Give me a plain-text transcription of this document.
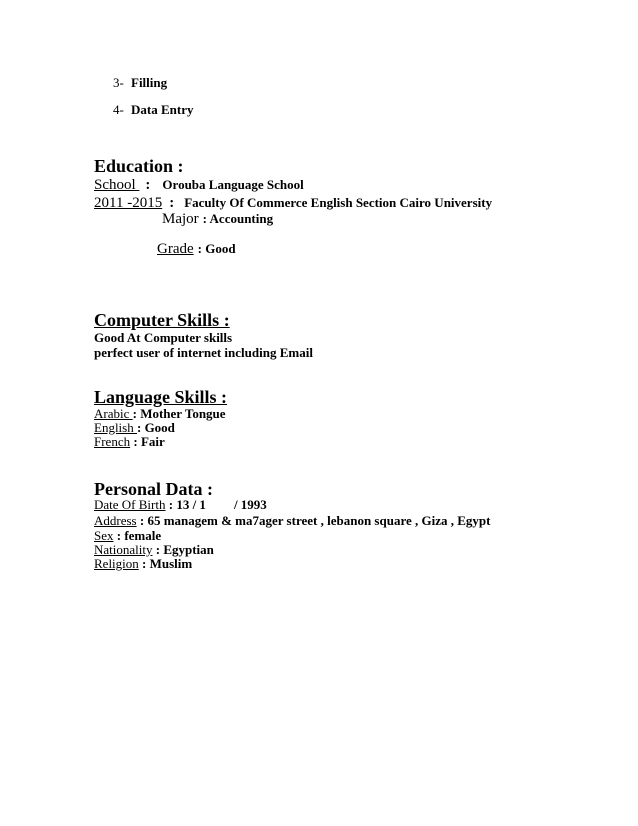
3- Filling
4- Data Entry
Education :
School : Orouba Language School
2011 -2015 : Faculty Of Commerce English Section Cairo University
Major : Accounting
Grade : Good
Computer Skills :
Good At Computer skills
perfect user of internet including Email
Language Skills :
Arabic : Mother Tongue
English : Good
French : Fair
Personal Data :
Date Of Birth : 13 / 1 / 1993
Address : 65 managem & ma7ager street , lebanon square , Giza , Egypt
Sex : female
Nationality : Egyptian
Religion : Muslim
